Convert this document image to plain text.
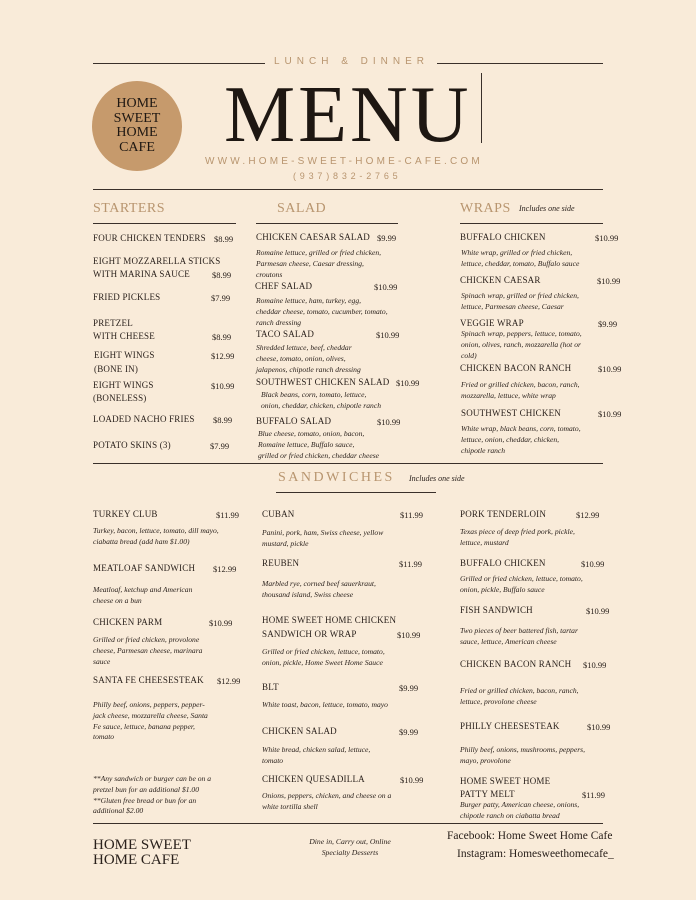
LUNCH & DINNER
HOME
SWEET
HOME
CAFE MENU
WWW.HOME-SWEET-HOME-CAFE.COM
(937)832-2765
STARTERS
FOUR CHICKEN TENDERS $8.99
EIGHT MOZZARELLA STICKS
WITH MARINA SAUCE	$8.99
FRIED PICKLES	$7.99
PRETZEL
WITH CHEESE	$8.99
EIGHT WINGS
(BONE IN)
$12.99
EIGHT WINGS
(BONELESS)
$10.99
LOADED NACHO FRIES $8.99
POTATO SKINS (3)	$7.99
SALAD
CHICKEN CAESAR SALAD $9.99
Romaine lettuce, grilled or fried chicken,
Parmesan cheese, Caesar dressing,
croutons
CHEF SALAD	$10.99
Romaine lettuce, ham, turkey, egg,
cheddar cheese, tomato, cucumber, tomato,
ranch dressing
TACO SALAD	$10.99
Shredded lettuce, beef, cheddar
cheese, tomato, onion, olives,
jalapenos, chipotle ranch dressing
SOUTHWEST CHICKEN SALAD $10.99
Black beans, corn, tomato, lettuce,
onion, cheddar, chicken, chipotle ranch
BUFFALO SALAD	$10.99
Blue cheese, tomato, onion, bacon,
Romaine lettuce, Buffalo sauce,
grilled or fried chicken, cheddar cheese
WRAPS Includes one side
BUFFALO CHICKEN	$10.99
White wrap, grilled or fried chicken,
lettuce, cheddar, tomato, Buffalo sauce
CHICKEN CAESAR	$10.99
Spinach wrap, grilled or fried chicken,
lettuce, Parmesan cheese, Caesar
VEGGIE WRAP	$9.99
Spinach wrap, peppers, lettuce, tomato,
onion, olives, ranch, mozzarella (hot or
cold)
CHICKEN BACON RANCH	$10.99
Fried or grilled chicken, bacon, ranch,
mozzarella, lettuce, white wrap
SOUTHWEST CHICKEN	$10.99
White wrap, black beans, corn, tomato,
lettuce, onion, cheddar, chicken,
chipotle ranch
SANDWICHES Includes one side
TURKEY CLUB	$11.99
Turkey, bacon, lettuce, tomato, dill mayo,
ciabatta bread (add ham $1.00)
MEATLOAF SANDWICH $12.99
Meatloaf, ketchup and American
cheese on a bun
CHICKEN PARM	$10.99
Grilled or fried chicken, provolone
cheese, Parmesan cheese, marinara
sauce
SANTA FE CHEESESTEAK $12.99
Philly beef, onions, peppers, pepper-
jack cheese, mozzarella cheese, Santa
Fe sauce, lettuce, banana pepper,
tomato
**Any sandwich or burger can be on a
pretzel bun for an additional $1.00
**Gluten free bread or bun for an
additional $2.00
CUBAN	$11.99
Panini, pork, ham, Swiss cheese, yellow
mustard, pickle
REUBEN	$11.99
Marbled rye, corned beef sauerkraut,
thousand island, Swiss cheese
HOME SWEET HOME CHICKEN
SANDWICH OR WRAP	$10.99
Grilled or fried chicken, lettuce, tomato,
onion, pickle, Home Sweet Home Sauce
BLT	$9.99
White toast, bacon, lettuce, tomato, mayo
CHICKEN SALAD	$9.99
White bread, chicken salad, lettuce,
tomato
CHICKEN QUESADILLA	$10.99
Onions, peppers, chicken, and cheese on a
white tortilla shell
PORK TENDERLOIN	$12.99
Texas piece of deep fried pork, pickle,
lettuce, mustard
BUFFALO CHICKEN	$10.99
Grilled or fried chicken, lettuce, tomato,
onion, pickle, Buffalo sauce
FISH SANDWICH	$10.99
Two pieces of beer battered fish, tartar
sauce, lettuce, American cheese
CHICKEN BACON RANCH $10.99
Fried or grilled chicken, bacon, ranch,
lettuce, provolone cheese
PHILLY CHEESESTEAK	$10.99
Philly beef, onions, mushrooms, peppers,
mayo, provolone
HOME SWEET HOME
PATTY MELT	$11.99
Burger patty, American cheese, onions,
chipotle ranch on ciabatta bread
HOME SWEET
HOME CAFE
Dine in, Carry out, Online
Specialty Desserts
Facebook: Home Sweet Home Cafe
Instagram: Homesweethomecafe_
